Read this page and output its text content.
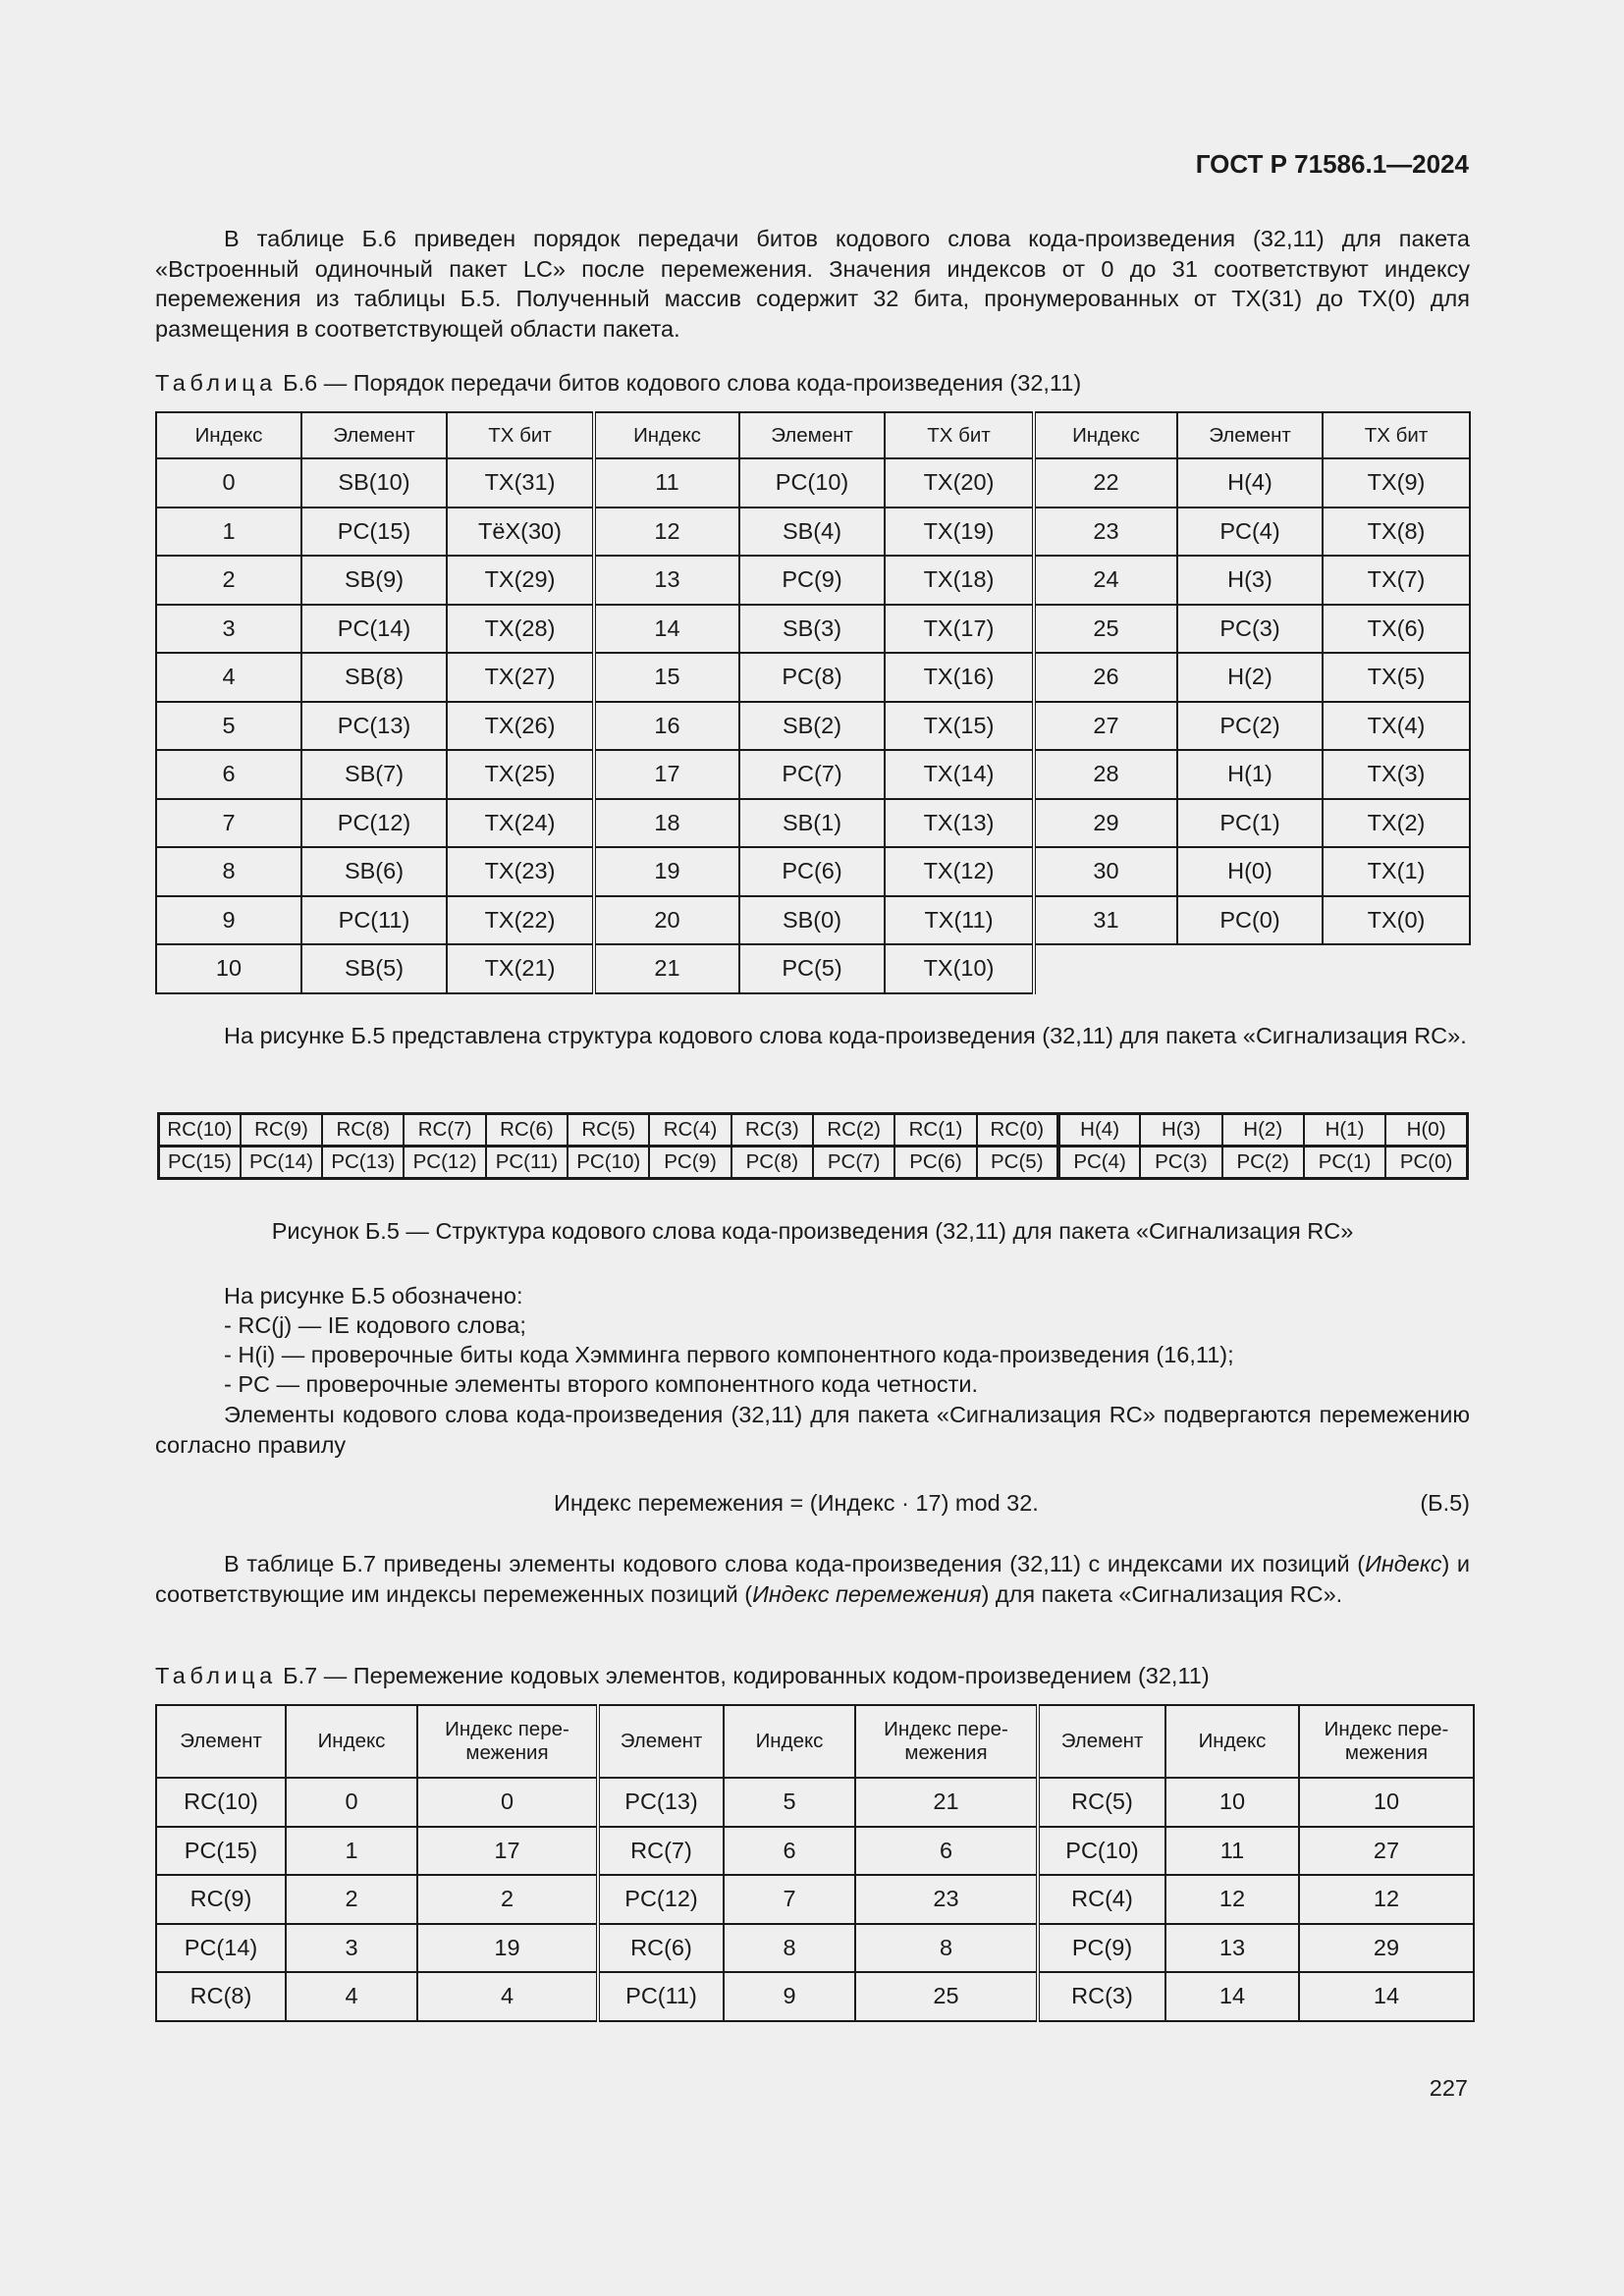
ГОСТ Р 71586.1—2024

В таблице Б.6 приведен порядок передачи битов кодового слова кода-произведения (32,11) для пакета «Встроенный одиночный пакет LC» после перемежения. Значения индексов от 0 до 31 соответствуют индексу перемежения из таблицы Б.5. Полученный массив содержит 32 бита, пронумерованных от TX(31) до TX(0) для размещения в соответствующей области пакета.

Таблица Б.6 — Порядок передачи битов кодового слова кода-произведения (32,11)

Индекс	Элемент	ТХ бит	Индекс	Элемент	ТХ бит	Индекс	Элемент	ТХ бит
0	SB(10)	TX(31)	11	PC(10)	TX(20)	22	H(4)	TX(9)
1	PC(15)	TёX(30)	12	SB(4)	TX(19)	23	PC(4)	TX(8)
2	SB(9)	TX(29)	13	PC(9)	TX(18)	24	H(3)	TX(7)
3	PC(14)	TX(28)	14	SB(3)	TX(17)	25	PC(3)	TX(6)
4	SB(8)	TX(27)	15	PC(8)	TX(16)	26	H(2)	TX(5)
5	PC(13)	TX(26)	16	SB(2)	TX(15)	27	PC(2)	TX(4)
6	SB(7)	TX(25)	17	PC(7)	TX(14)	28	H(1)	TX(3)
7	PC(12)	TX(24)	18	SB(1)	TX(13)	29	PC(1)	TX(2)
8	SB(6)	TX(23)	19	PC(6)	TX(12)	30	H(0)	TX(1)
9	PC(11)	TX(22)	20	SB(0)	TX(11)	31	PC(0)	TX(0)
10	SB(5)	TX(21)	21	PC(5)	TX(10)			

На рисунке Б.5 представлена структура кодового слова кода-произведения (32,11) для пакета «Сигнализация RC».

RC(10)	RC(9)	RC(8)	RC(7)	RC(6)	RC(5)	RC(4)	RC(3)	RC(2)	RC(1)	RC(0)	H(4)	H(3)	H(2)	H(1)	H(0)
PC(15)	PC(14)	PC(13)	PC(12)	PC(11)	PC(10)	PC(9)	PC(8)	PC(7)	PC(6)	PC(5)	PC(4)	PC(3)	PC(2)	PC(1)	PC(0)
Рисунок Б.5 — Структура кодового слова кода-произведения (32,11) для пакета «Сигнализация RC»

На рисунке Б.5 обозначено:

- RC(j) — IE кодового слова;

- H(i) — проверочные биты кода Хэмминга первого компонентного кода-произведения (16,11);

- PC — проверочные элементы второго компонентного кода четности.

Элементы кодового слова кода-произведения (32,11) для пакета «Сигнализация RC» подвергаются перемежению согласно правилу

Индекс перемежения = (Индекс · 17) mod 32.	(Б.5)

В таблице Б.7 приведены элементы кодового слова кода-произведения (32,11) с индексами их позиций (Индекс) и соответствующие им индексы перемеженных позиций (Индекс перемежения) для пакета «Сигнализация RC».

Таблица Б.7 — Перемежение кодовых элементов, кодированных кодом-произведением (32,11)

Элемент	Индекс	Индекс пере-межения	Элемент	Индекс	Индекс пере-межения	Элемент	Индекс	Индекс пере-межения
RC(10)	0	0	PC(13)	5	21	RC(5)	10	10
PC(15)	1	17	RC(7)	6	6	PC(10)	11	27
RC(9)	2	2	PC(12)	7	23	RC(4)	12	12
PC(14)	3	19	RC(6)	8	8	PC(9)	13	29
RC(8)	4	4	PC(11)	9	25	RC(3)	14	14
227
